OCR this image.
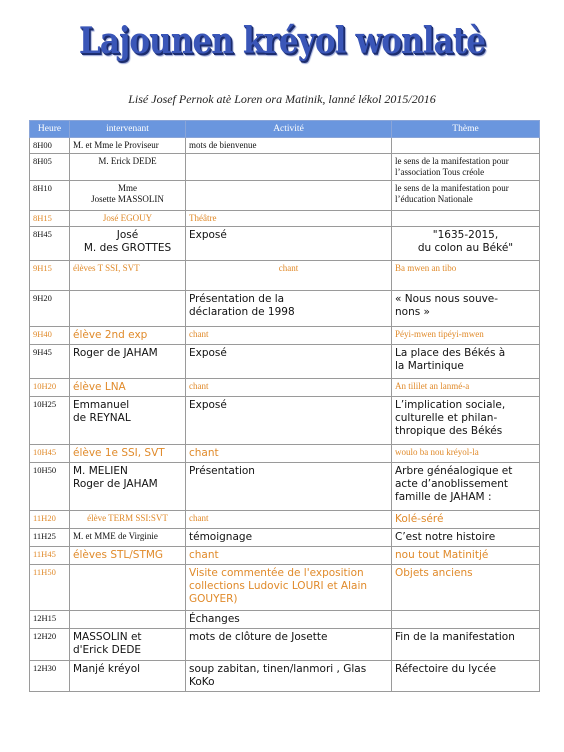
Lajounen kréyol wonlatè
Lisé Josef Pernok atè Loren ora Matinik, lanné lékol 2015/2016
Heure	intervenant	Activité	Thème
8H00	M. et Mme le Proviseur	mots de bienvenue	

8H05	M. Erick DEDE		le sens de la manifestation pour
l’association Tous créole

8H10	Mme
Josette MASSOLIN		le sens de la manifestation pour
l’éducation Nationale

8H15	José EGOUY	Théâtre	

8H45	José
M. des GROTTES	Exposé	"1635-2015,
du colon au Béké"

9H15	élèves T SSI, SVT	chant	Ba mwen an tibo

9H20		Présentation de la
déclaration de 1998	« Nous nous souve-
nons »

9H40	élève 2nd exp	chant	Péyi-mwen tipéyi-mwen

9H45	Roger de JAHAM	Exposé	La place des Békés à
la Martinique

10H20	élève LNA	chant	An tililet an lanmé-a

10H25	Emmanuel
de REYNAL	Exposé	L’implication sociale,
culturelle et philan-
thropique des Békés

10H45	élève 1e SSI, SVT	chant	woulo ba nou kréyol-la

10H50	M. MELIEN
Roger de JAHAM	Présentation	Arbre généalogique et
acte d’anoblissement
famille de JAHAM :

11H20	élève TERM SSI:SVT	chant	Kolé-séré

11H25	M. et MME de Virginie	témoignage	C’est notre histoire

11H45	élèves STL/STMG	chant	nou tout Matinitjé

11H50		Visite commentée de l'exposition
collections Ludovic LOURI et Alain
GOUYER)	Objets anciens

12H15		Échanges	

12H20	MASSOLIN et
d'Erick DEDE	mots de clôture de Josette	Fin de la manifestation

12H30	Manjé kréyol	soup zabitan, tinen/lanmori , Glas
KoKo	Réfectoire du lycée
